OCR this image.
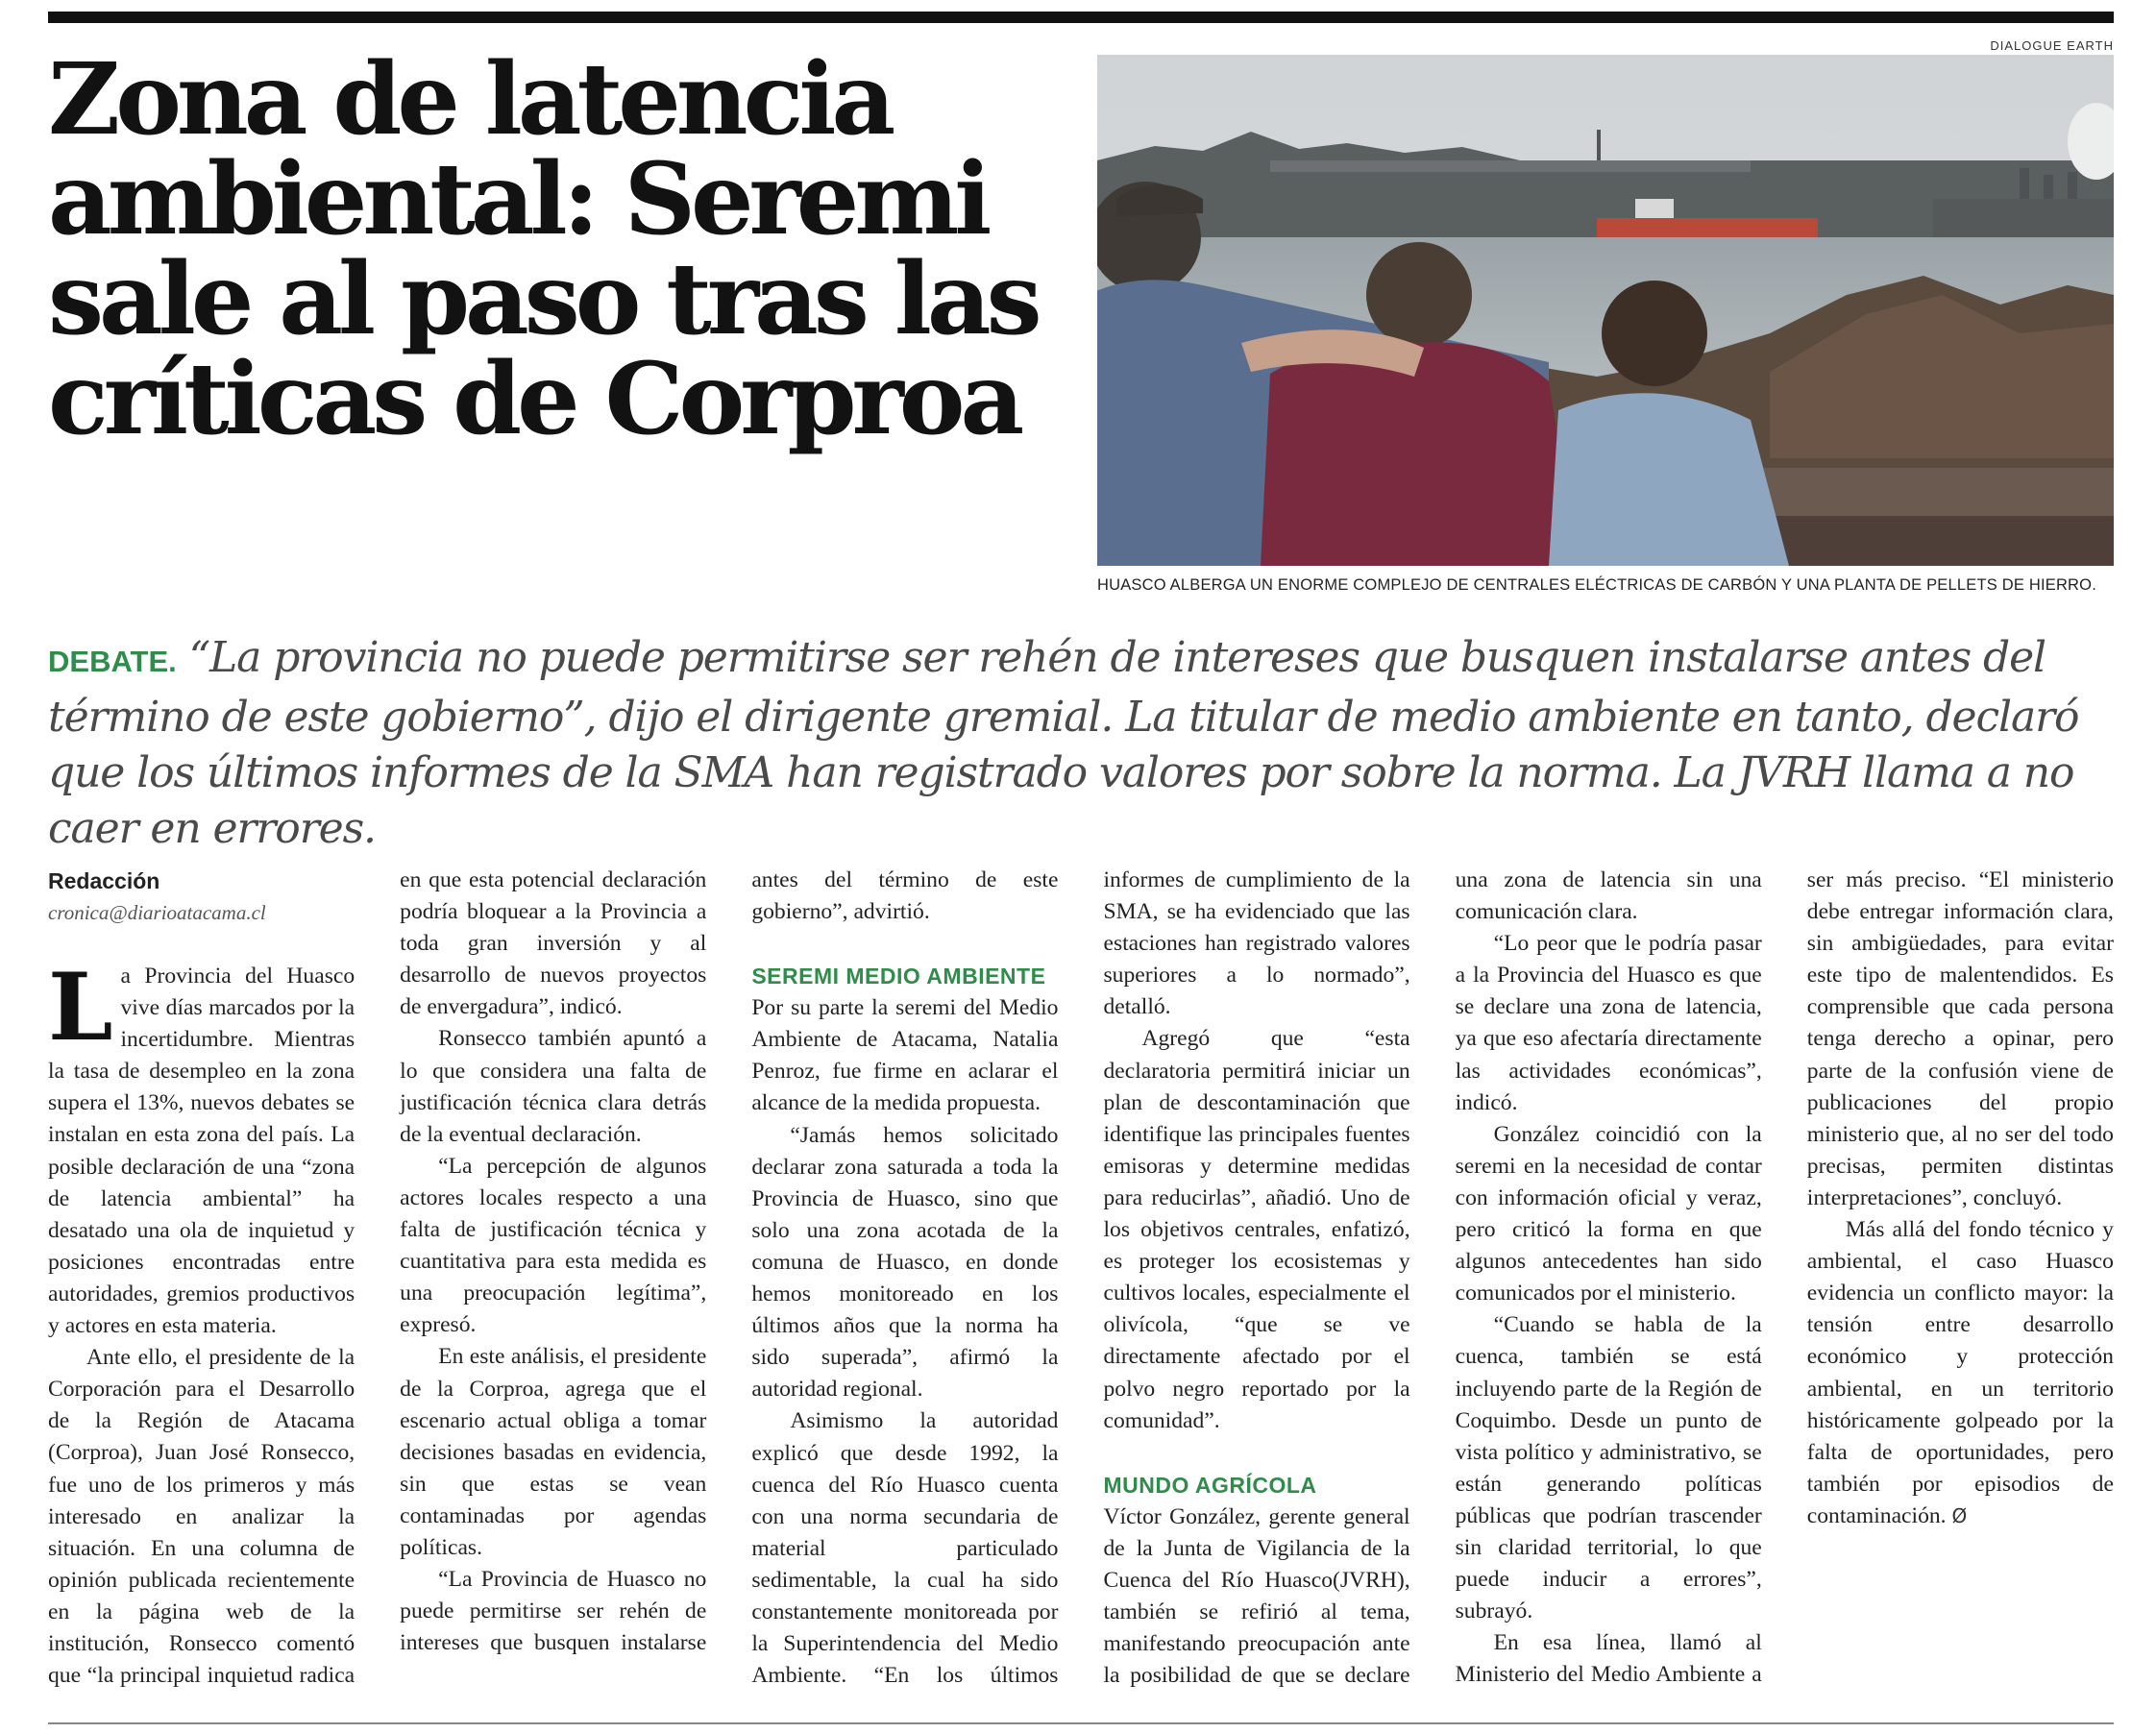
Zona de latencia ambiental: Seremi sale al paso tras las críticas de Corproa
DIALOGUE EARTH
HUASCO ALBERGA UN ENORME COMPLEJO DE CENTRALES ELÉCTRICAS DE CARBÓN Y UNA PLANTA DE PELLETS DE HIERRO.

DEBATE. “La provincia no puede permitirse ser rehén de intereses que busquen instalarse antes del término de este gobierno”, dijo el dirigente gremial. La titular de medio ambiente en tanto, declaró que los últimos informes de la SMA han registrado valores por sobre la norma. La JVRH llama a no caer en errores.

Redacción
cronica@diarioatacama.cl

La Provincia del Huasco vive días marcados por la incertidumbre. Mientras la tasa de desempleo en la zona supera el 13%, nuevos debates se instalan en esta zona del país. La posible declaración de una “zona de latencia ambiental” ha desatado una ola de inquietud y posiciones encontradas entre autoridades, gremios productivos y actores en esta materia.

Ante ello, el presidente de la Corporación para el Desarrollo de la Región de Atacama (Corproa), Juan José Ronsecco, fue uno de los primeros y más interesado en analizar la situación. En una columna de opinión publicada recientemente en la página web de la institución, Ronsecco comentó que “la principal inquietud radica en que esta potencial declaración podría bloquear a la Provincia a toda gran inversión y al desarrollo de nuevos proyectos de envergadura”, indicó.

Ronsecco también apuntó a lo que considera una falta de justificación técnica clara detrás de la eventual declaración.

“La percepción de algunos actores locales respecto a una falta de justificación técnica y cuantitativa para esta medida es una preocupación legítima”, expresó.

En este análisis, el presidente de la Corproa, agrega que el escenario actual obliga a tomar decisiones basadas en evidencia, sin que estas se vean contaminadas por agendas políticas.

“La Provincia de Huasco no puede permitirse ser rehén de intereses que busquen instalarse antes del término de este gobierno”, advirtió.

SEREMI MEDIO AMBIENTE

Por su parte la seremi del Medio Ambiente de Atacama, Natalia Penroz, fue firme en aclarar el alcance de la medida propuesta.

“Jamás hemos solicitado declarar zona saturada a toda la Provincia de Huasco, sino que solo una zona acotada de la comuna de Huasco, en donde hemos monitoreado en los últimos años que la norma ha sido superada”, afirmó la autoridad regional.

Asimismo la autoridad explicó que desde 1992, la cuenca del Río Huasco cuenta con una norma secundaria de material particulado sedimentable, la cual ha sido constantemente monitoreada por la Superintendencia del Medio Ambiente. “En los últimos informes de cumplimiento de la SMA, se ha evidenciado que las estaciones han registrado valores superiores a lo normado”, detalló.

Agregó que “esta declaratoria permitirá iniciar un plan de descontaminación que identifique las principales fuentes emisoras y determine medidas para reducirlas”, añadió. Uno de los objetivos centrales, enfatizó, es proteger los ecosistemas y cultivos locales, especialmente el olivícola, “que se ve directamente afectado por el polvo negro reportado por la comunidad”.

MUNDO AGRÍCOLA

Víctor González, gerente general de la Junta de Vigilancia de la Cuenca del Río Huasco(JVRH), también se refirió al tema, manifestando preocupación ante la posibilidad de que se declare una zona de latencia sin una comunicación clara.

“Lo peor que le podría pasar a la Provincia del Huasco es que se declare una zona de latencia, ya que eso afectaría directamente las actividades económicas”, indicó.

González coincidió con la seremi en la necesidad de contar con información oficial y veraz, pero criticó la forma en que algunos antecedentes han sido comunicados por el ministerio.

“Cuando se habla de la cuenca, también se está incluyendo parte de la Región de Coquimbo. Desde un punto de vista político y administrativo, se están generando políticas públicas que podrían trascender sin claridad territorial, lo que puede inducir a errores”, subrayó.

En esa línea, llamó al Ministerio del Medio Ambiente a ser más preciso. “El ministerio debe entregar información clara, sin ambigüedades, para evitar este tipo de malentendidos. Es comprensible que cada persona tenga derecho a opinar, pero parte de la confusión viene de publicaciones del propio ministerio que, al no ser del todo precisas, permiten distintas interpretaciones”, concluyó.

Más allá del fondo técnico y ambiental, el caso Huasco evidencia un conflicto mayor: la tensión entre desarrollo económico y protección ambiental, en un territorio históricamente golpeado por la falta de oportunidades, pero también por episodios de contaminación. Ø
